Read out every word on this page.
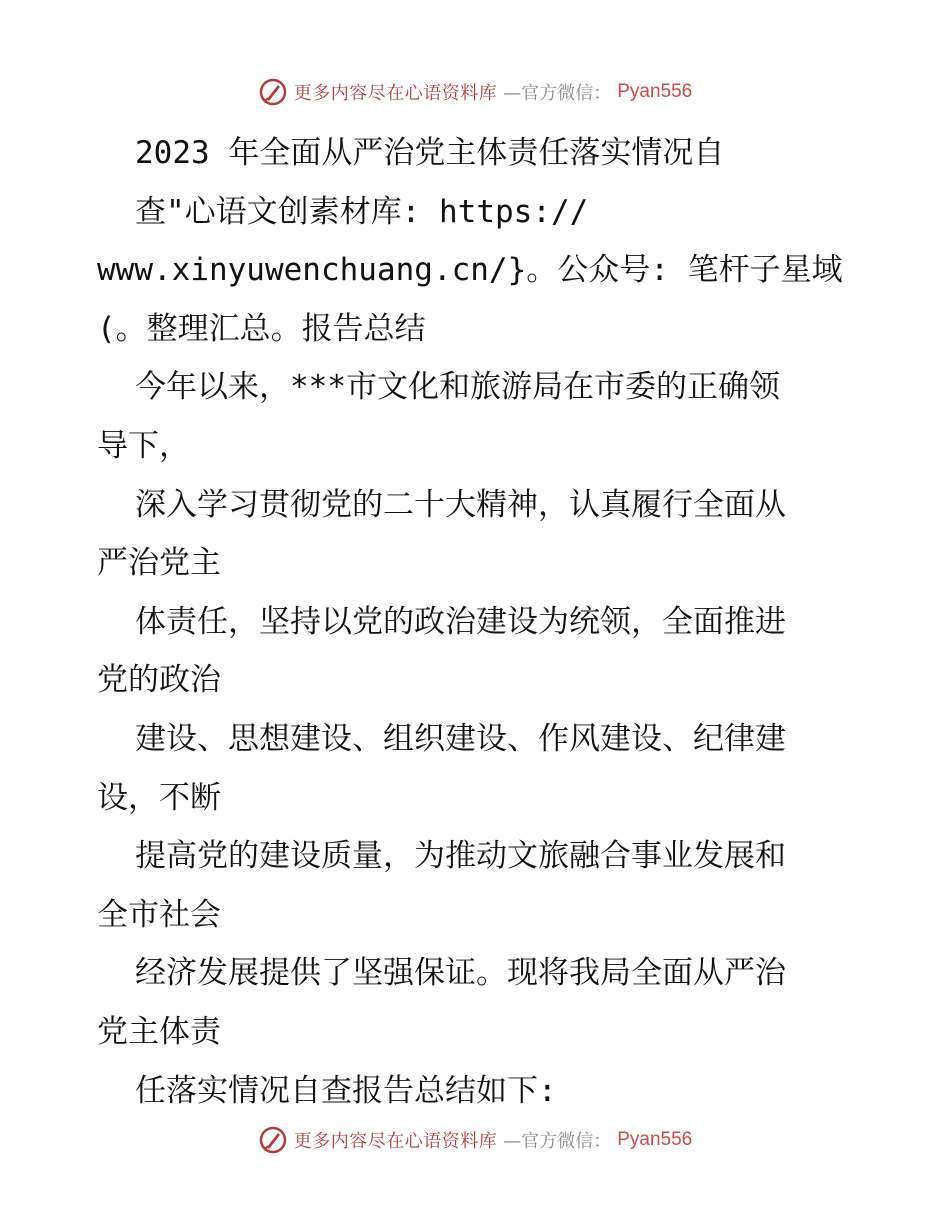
更多内容尽在心语资料库 —官方微信： Pyan556
2023 年全面从严治党主体责任落实情况自
查"心语文创素材库: https://
www.xinyuwenchuang.cn/}。公众号: 笔杆子星域
(。整理汇总。报告总结
今年以来，***市文化和旅游局在市委的正确领
导下，
深入学习贯彻党的二十大精神，认真履行全面从
严治党主
体责任，坚持以党的政治建设为统领，全面推进
党的政治
建设、思想建设、组织建设、作风建设、纪律建
设，不断
提高党的建设质量，为推动文旅融合事业发展和
全市社会
经济发展提供了坚强保证。现将我局全面从严治
党主体责
任落实情况自查报告总结如下:
更多内容尽在心语资料库 —官方微信： Pyan556
